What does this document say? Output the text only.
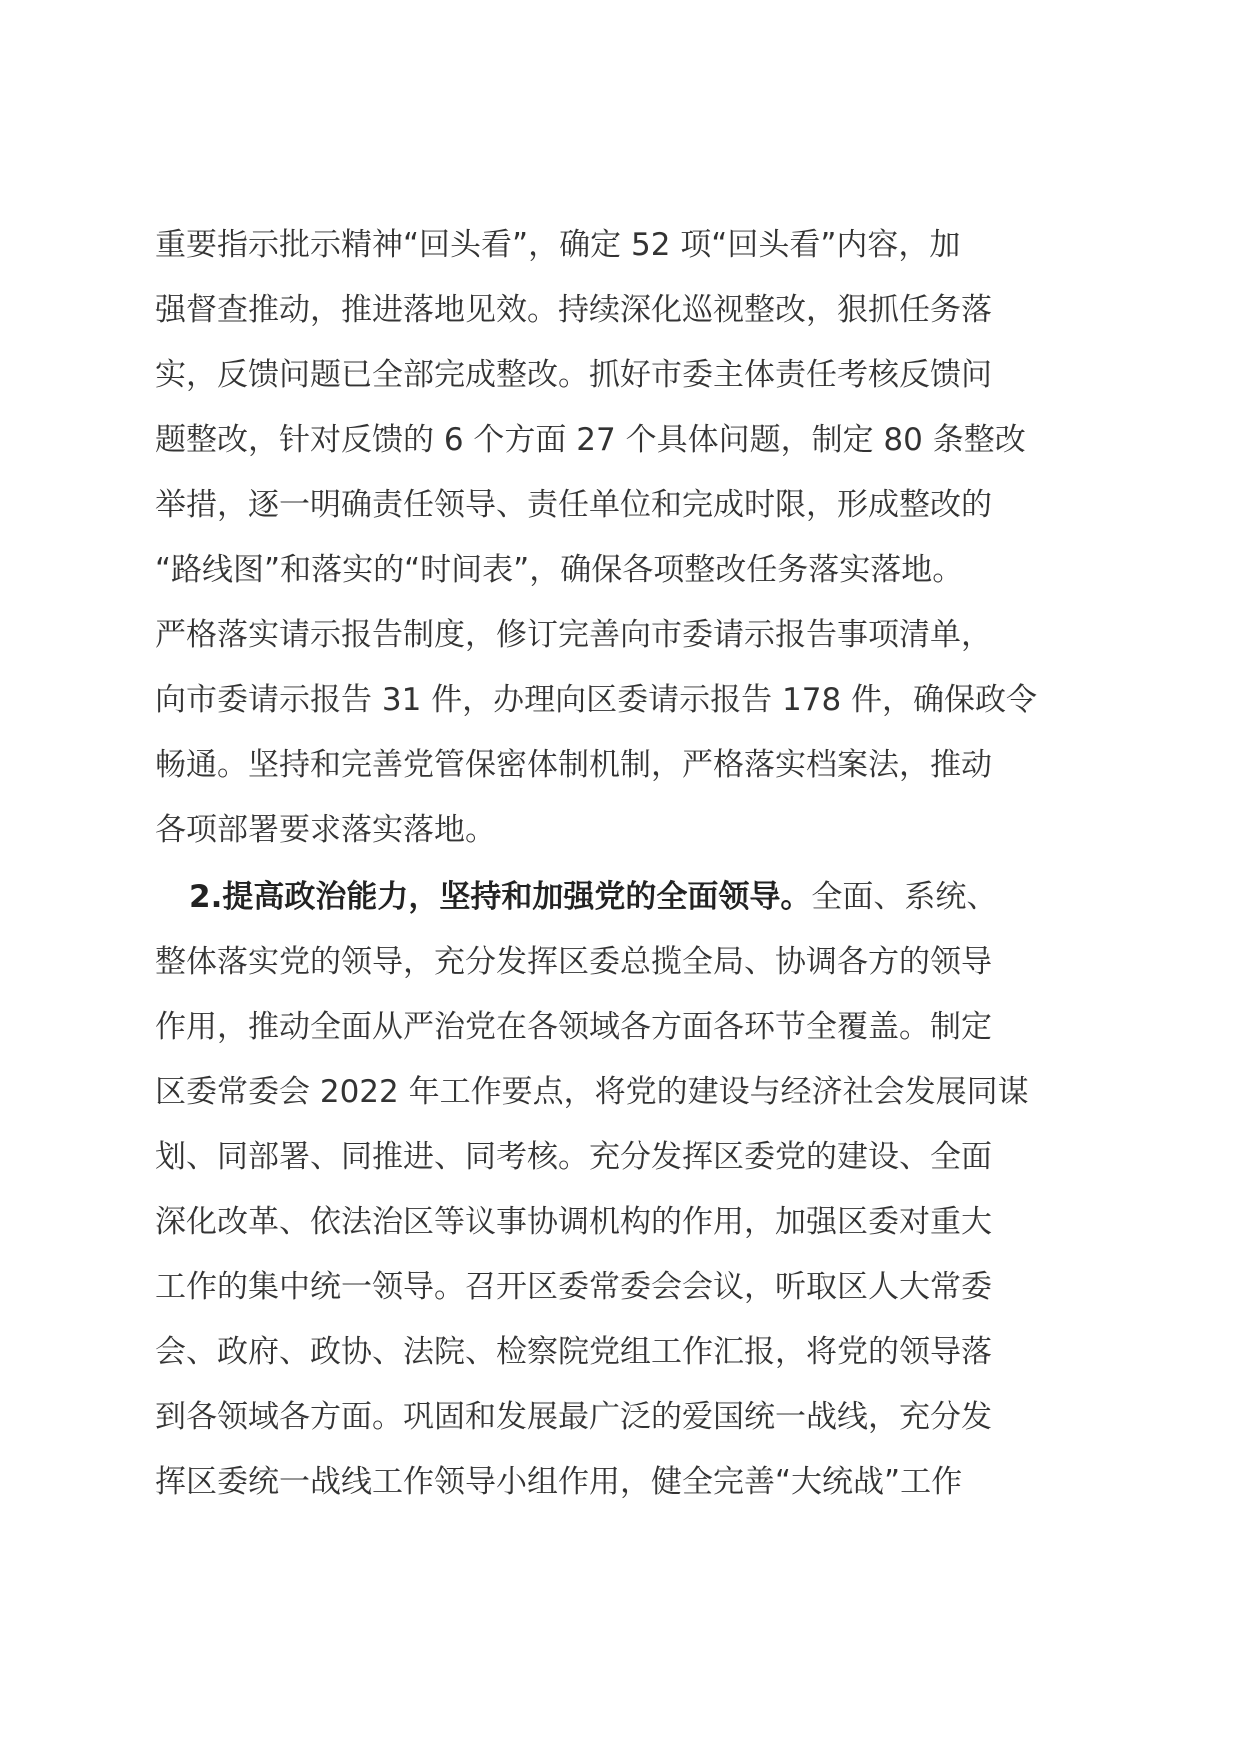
重要指示批示精神“回头看”，确定 52 项“回头看”内容，加
强督查推动，推进落地见效。持续深化巡视整改，狠抓任务落
实，反馈问题已全部完成整改。抓好市委主体责任考核反馈问
题整改，针对反馈的 6 个方面 27 个具体问题，制定 80 条整改
举措，逐一明确责任领导、责任单位和完成时限，形成整改的
“路线图”和落实的“时间表”，确保各项整改任务落实落地。
严格落实请示报告制度，修订完善向市委请示报告事项清单，
向市委请示报告 31 件，办理向区委请示报告 178 件，确保政令
畅通。坚持和完善党管保密体制机制，严格落实档案法，推动
各项部署要求落实落地。
2.提高政治能力，坚持和加强党的全面领导。全面、系统、
整体落实党的领导，充分发挥区委总揽全局、协调各方的领导
作用，推动全面从严治党在各领域各方面各环节全覆盖。制定
区委常委会 2022 年工作要点，将党的建设与经济社会发展同谋
划、同部署、同推进、同考核。充分发挥区委党的建设、全面
深化改革、依法治区等议事协调机构的作用，加强区委对重大
工作的集中统一领导。召开区委常委会会议，听取区人大常委
会、政府、政协、法院、检察院党组工作汇报，将党的领导落
到各领域各方面。巩固和发展最广泛的爱国统一战线，充分发
挥区委统一战线工作领导小组作用，健全完善“大统战”工作
